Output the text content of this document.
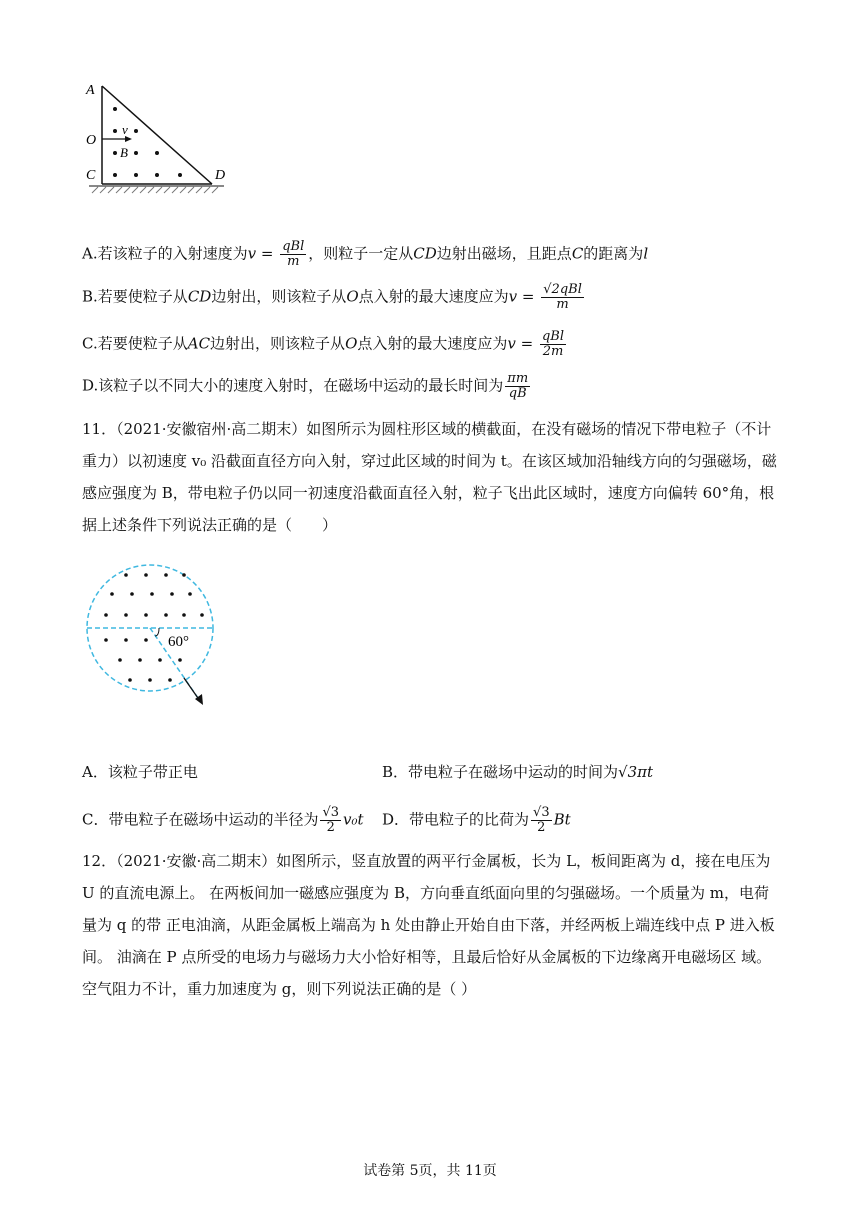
A
O
C	D
v
B
A.若该粒子的入射速度为$v = \frac{\text{qBl}}{m}$ ，则粒子一定从CD边射出磁场，且距点C的距离为l
B.若要使粒子从CD边射出，则该粒子从O点入射的最大速度应为$v = \frac{\text{√2qBl}}{m}$
C.若要使粒子从AC边射出，则该粒子从O点入射的最大速度应为$v = \frac{\text{qBl}}{2m}$
D.该粒子以不同大小的速度入射时，在磁场中运动的最长时间为 $\frac{\pi m}{qB}$
11．（2021·安徽宿州·高二期末）如图所示为圆柱形区域的横截面，在没有磁场的情况下带电粒子（不计重力）以初速度 v₀ 沿截面直径方向入射，穿过此区域的时间为 t。在该区域加沿轴线方向的匀强磁场，磁感应强度为 B，带电粒子仍以同一初速度沿截面直径入射，粒子飞出此区域时，速度方向偏转 60°角，根据上述条件下列说法正确的是（　　）
60°
A．该粒子带正电	B．带电粒子在磁场中运动的时间为√3πt
C．带电粒子在磁场中运动的半径为 $\frac{√3}{2} v_0t$ D．带电粒子的比荷为 $\frac{√3}{2}$ Bt
12．（2021·安徽·高二期末）如图所示，竖直放置的两平行金属板，长为 L，板间距离为 d，接在电压为 U 的直流电源上。 在两板间加一磁感应强度为 B，方向垂直纸面向里的匀强磁场。一个质量为 m，电荷量为 q 的带 正电油滴，从距金属板上端高为 h 处由静止开始自由下落，并经两板上端连线中点 P 进入板间。 油滴在 P 点所受的电场力与磁场力大小恰好相等，且最后恰好从金属板的下边缘离开电磁场区 域。空气阻力不计，重力加速度为 g，则下列说法正确的是（ ）
试卷第 5页，共 11页
